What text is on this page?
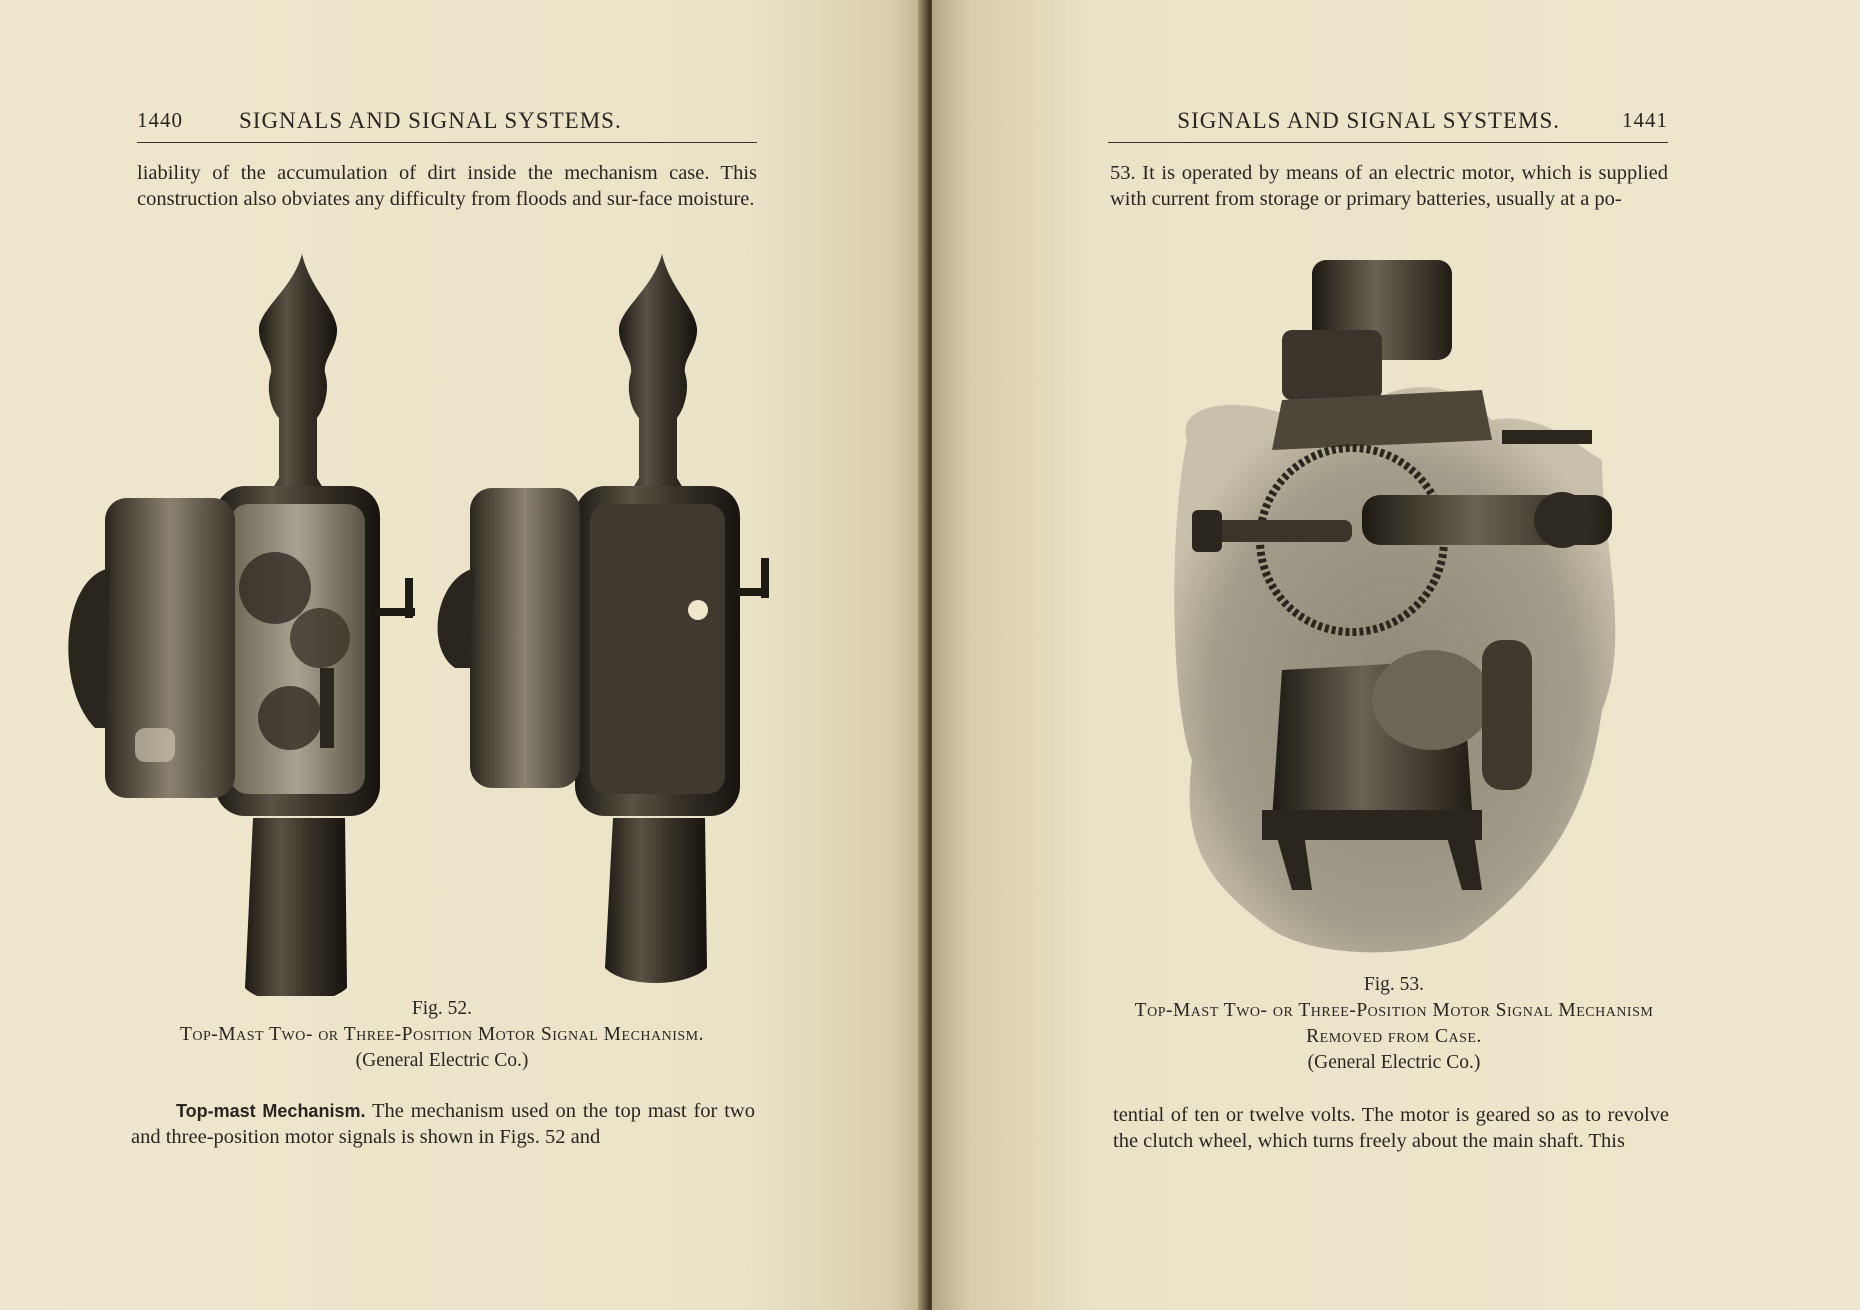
1440 SIGNALS AND SIGNAL SYSTEMS.
liability of the accumulation of dirt inside the mechanism case. This construction also obviates any difficulty from floods and sur-face moisture.
Fig. 52.
Top-Mast Two- or Three-Position Motor Signal Mechanism.
(General Electric Co.)
Top-mast Mechanism. The mechanism used on the top mast for two and three-position motor signals is shown in Figs. 52 and
SIGNALS AND SIGNAL SYSTEMS.	1441
53. It is operated by means of an electric motor, which is supplied with current from storage or primary batteries, usually at a po-
Fig. 53.
Top-Mast Two- or Three-Position Motor Signal Mechanism
Removed from Case.
(General Electric Co.)
tential of ten or twelve volts. The motor is geared so as to revolve the clutch wheel, which turns freely about the main shaft. This
